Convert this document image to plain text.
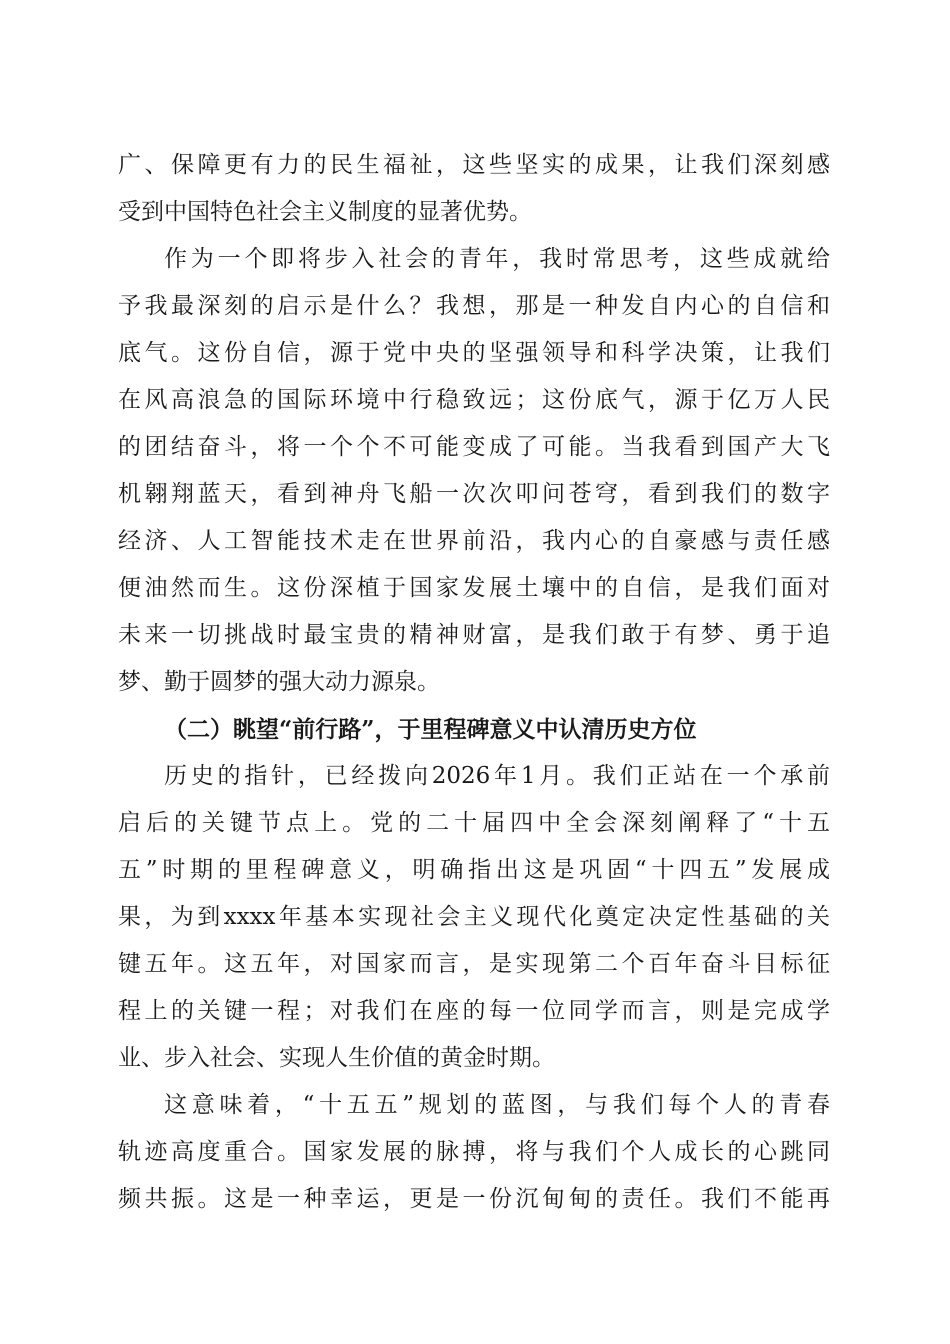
广、保障更有力的民生福祉，这些坚实的成果，让我们深刻感
受到中国特色社会主义制度的显著优势。
作为一个即将步入社会的青年，我时常思考，这些成就给
予我最深刻的启示是什么？我想，那是一种发自内心的自信和
底气。这份自信，源于党中央的坚强领导和科学决策，让我们
在风高浪急的国际环境中行稳致远；这份底气，源于亿万人民
的团结奋斗，将一个个不可能变成了可能。当我看到国产大飞
机翱翔蓝天，看到神舟飞船一次次叩问苍穹，看到我们的数字
经济、人工智能技术走在世界前沿，我内心的自豪感与责任感
便油然而生。这份深植于国家发展土壤中的自信，是我们面对
未来一切挑战时最宝贵的精神财富，是我们敢于有梦、勇于追
梦、勤于圆梦的强大动力源泉。
（二）眺望“前行路”，于里程碑意义中认清历史方位
历史的指针，已经拨向2026年1月。我们正站在一个承前
启后的关键节点上。党的二十届四中全会深刻阐释了“十五
五”时期的里程碑意义，明确指出这是巩固“十四五”发展成
果，为到xxxx年基本实现社会主义现代化奠定决定性基础的关
键五年。这五年，对国家而言，是实现第二个百年奋斗目标征
程上的关键一程；对我们在座的每一位同学而言，则是完成学
业、步入社会、实现人生价值的黄金时期。
这意味着，“十五五”规划的蓝图，与我们每个人的青春
轨迹高度重合。国家发展的脉搏，将与我们个人成长的心跳同
频共振。这是一种幸运，更是一份沉甸甸的责任。我们不能再
